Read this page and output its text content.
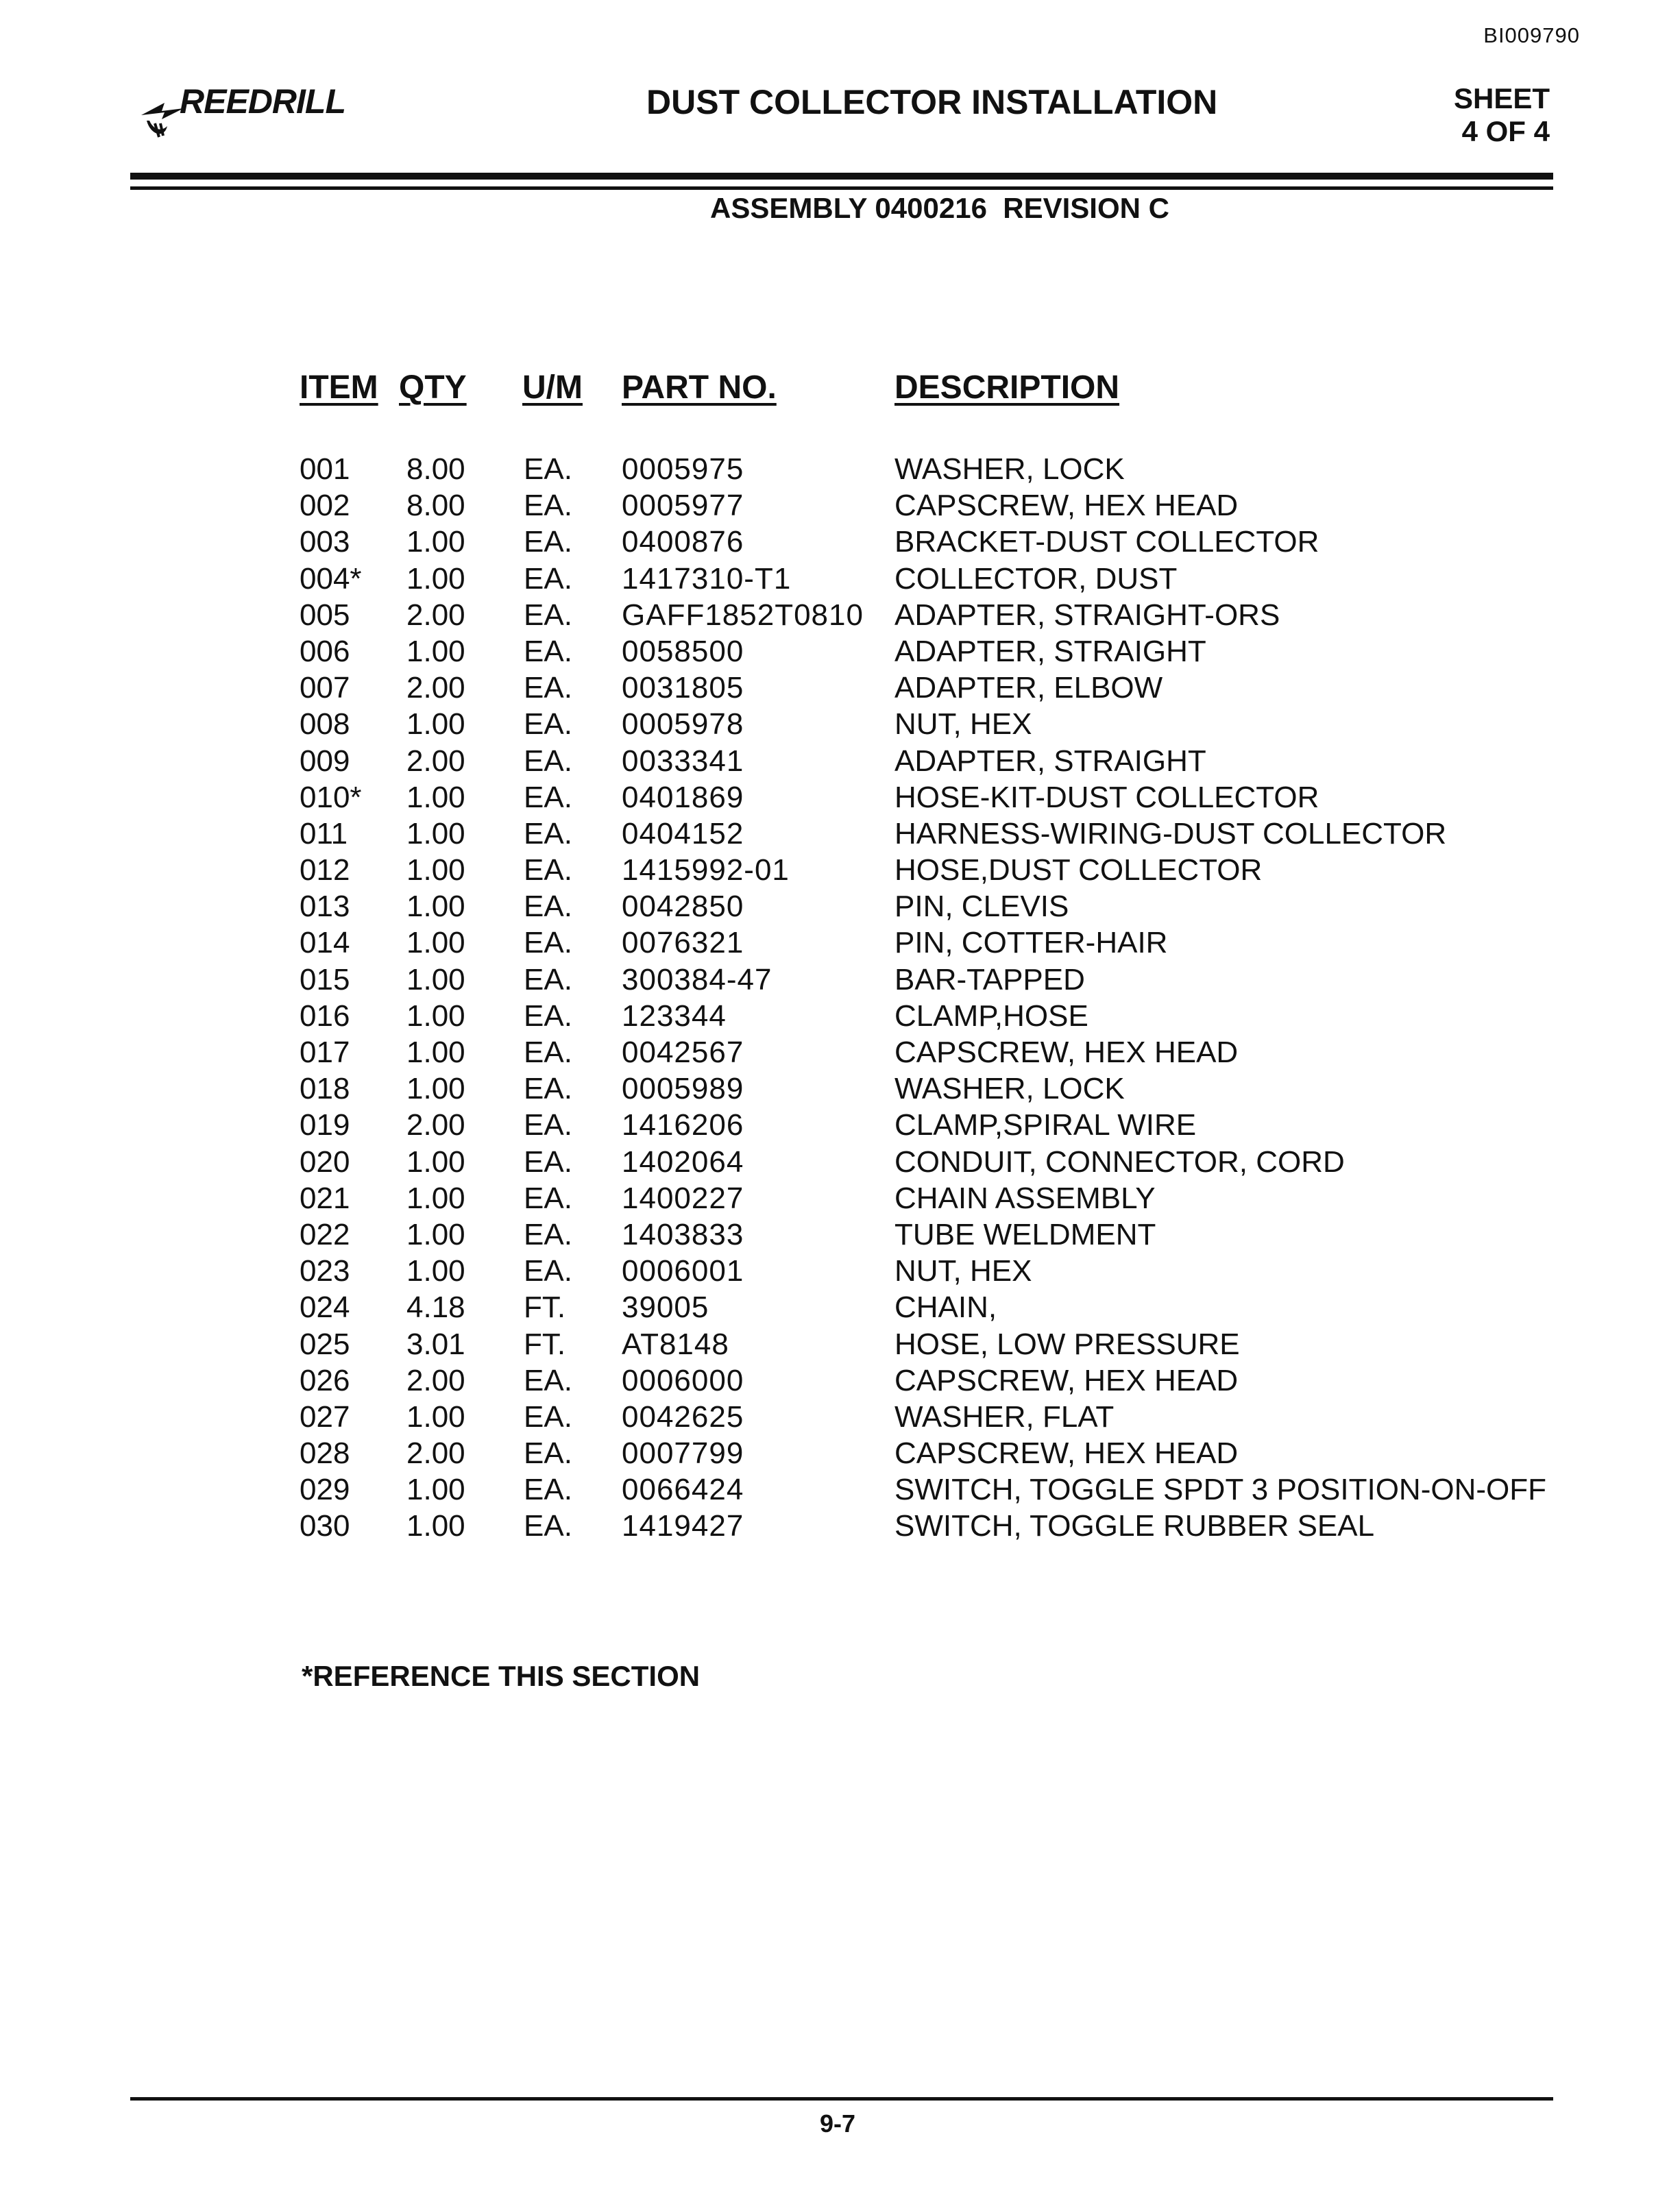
BI009790
REEDRILL	DUST COLLECTOR INSTALLATION	SHEET
4 OF 4
ASSEMBLY 0400216  REVISION C
ITEM QTY U/M PART NO.	DESCRIPTION
001 8.00 EA. 0005975	WASHER, LOCK
002 8.00 EA. 0005977	CAPSCREW, HEX HEAD
003 1.00 EA. 0400876	BRACKET-DUST COLLECTOR
004* 1.00 EA. 1417310-T1	COLLECTOR, DUST
005 2.00 EA. GAFF1852T0810 ADAPTER, STRAIGHT-ORS
006 1.00 EA. 0058500	ADAPTER, STRAIGHT
007 2.00 EA. 0031805	ADAPTER, ELBOW
008 1.00 EA. 0005978	NUT, HEX
009 2.00 EA. 0033341	ADAPTER, STRAIGHT
010* 1.00 EA. 0401869	HOSE-KIT-DUST COLLECTOR
011 1.00 EA. 0404152	HARNESS-WIRING-DUST COLLECTOR
012 1.00 EA. 1415992-01	HOSE,DUST COLLECTOR
013 1.00 EA. 0042850	PIN, CLEVIS
014 1.00 EA. 0076321	PIN, COTTER-HAIR
015 1.00 EA. 300384-47	BAR-TAPPED
016 1.00 EA. 123344	CLAMP,HOSE
017 1.00 EA. 0042567	CAPSCREW, HEX HEAD
018 1.00 EA. 0005989	WASHER, LOCK
019 2.00 EA. 1416206	CLAMP,SPIRAL WIRE
020 1.00 EA. 1402064	CONDUIT, CONNECTOR, CORD
021 1.00 EA. 1400227	CHAIN ASSEMBLY
022 1.00 EA. 1403833	TUBE WELDMENT
023 1.00 EA. 0006001	NUT, HEX
024 4.18 FT. 39005	CHAIN,
025 3.01 FT. AT8148	HOSE, LOW PRESSURE
026 2.00 EA. 0006000	CAPSCREW, HEX HEAD
027 1.00 EA. 0042625	WASHER, FLAT
028 2.00 EA. 0007799	CAPSCREW, HEX HEAD
029 1.00 EA. 0066424	SWITCH, TOGGLE SPDT 3 POSITION-ON-OFF
030 1.00 EA. 1419427	SWITCH, TOGGLE RUBBER SEAL
*REFERENCE THIS SECTION
9-7
